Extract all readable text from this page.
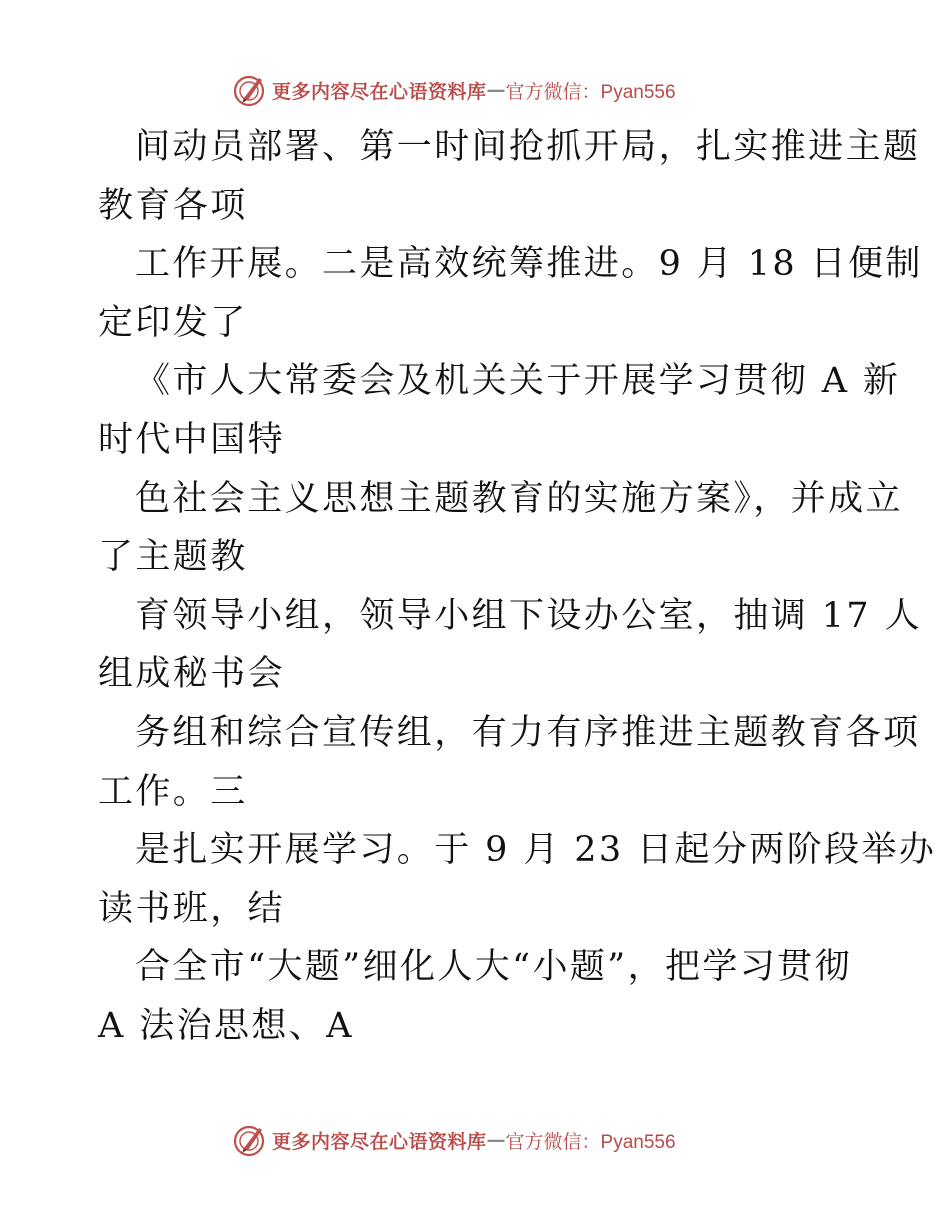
更多内容尽在心语资料库 — 官方微信：Pyan556
间动员部署、第一时间抢抓开局，扎实推进主题
教育各项
工作开展。二是高效统筹推进。9 月 18 日便制
定印发了
《市人大常委会及机关关于开展学习贯彻 A 新
时代中国特
色社会主义思想主题教育的实施方案》，并成立
了主题教
育领导小组，领导小组下设办公室，抽调 17 人
组成秘书会
务组和综合宣传组，有力有序推进主题教育各项
工作。三
是扎实开展学习。于 9 月 23 日起分两阶段举办
读书班，结
合全市“大题”细化人大“小题”，把学习贯彻
A 法治思想、A
更多内容尽在心语资料库 — 官方微信：Pyan556
